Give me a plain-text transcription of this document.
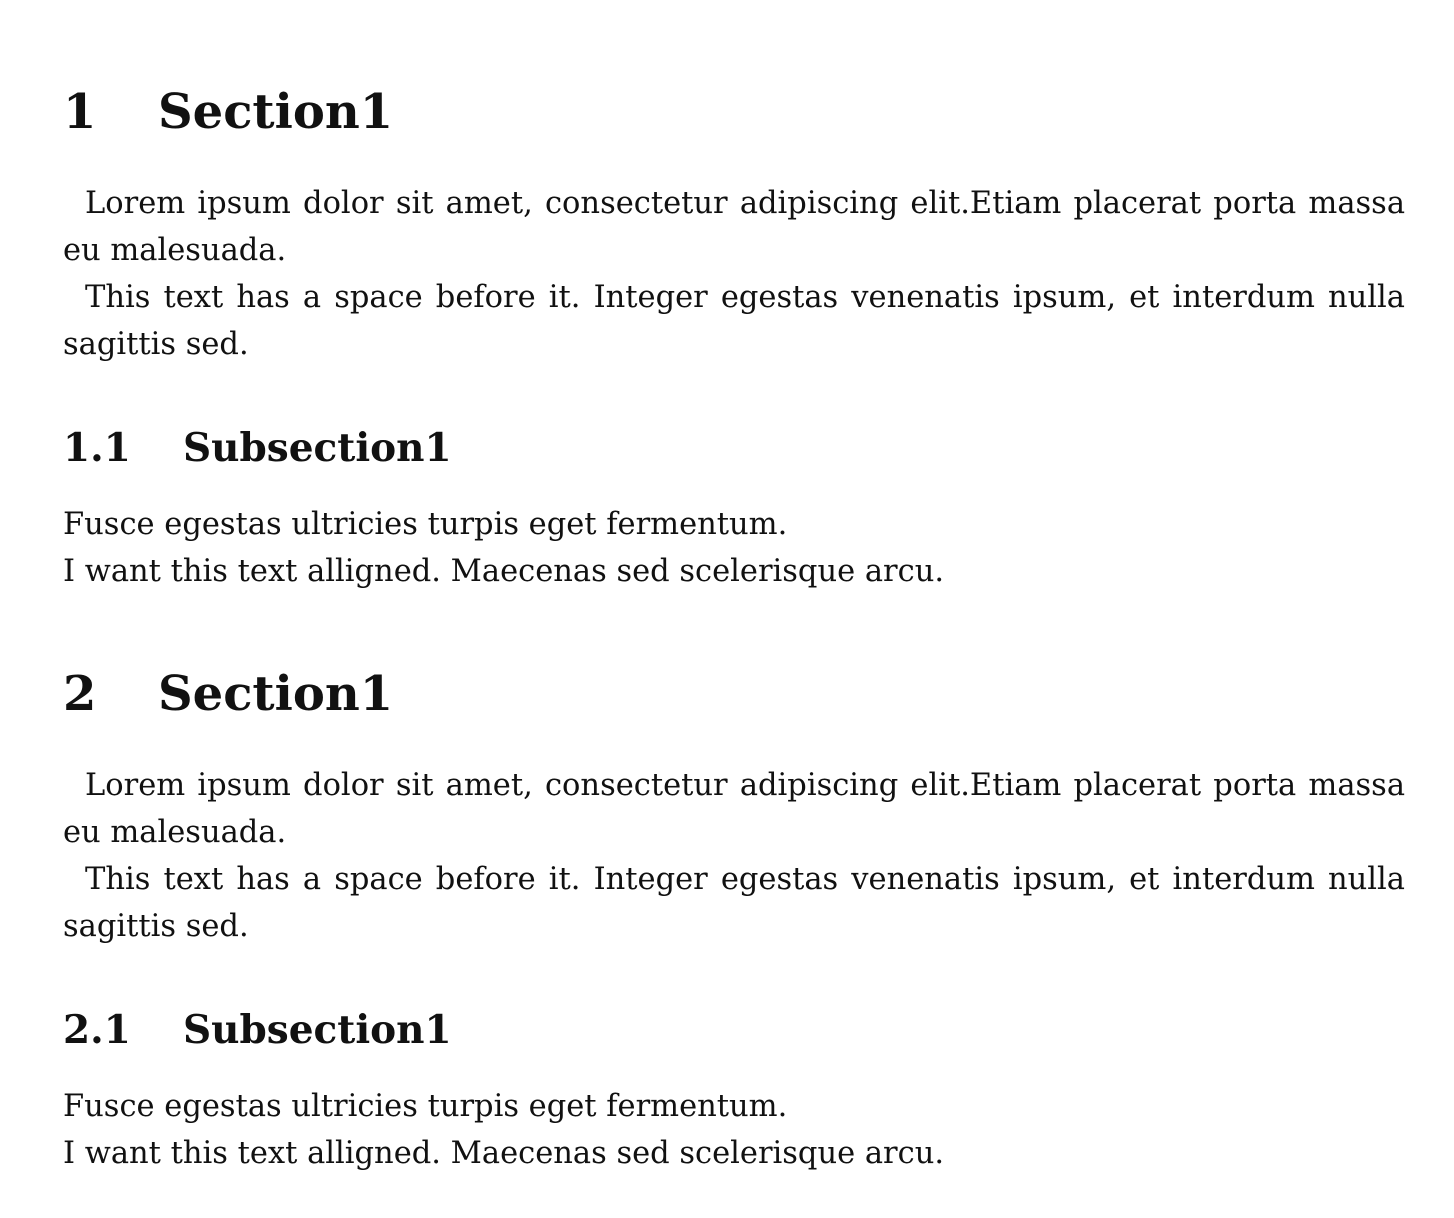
1	Section1

Lorem ipsum dolor sit amet, consectetur adipiscing elit.Etiam placerat porta massa eu malesuada.

This text has a space before it. Integer egestas venenatis ipsum, et interdum nulla sagittis sed.

1.1	Subsection1

Fusce egestas ultricies turpis eget fermentum.

I want this text alligned. Maecenas sed scelerisque arcu.

2	Section1

Lorem ipsum dolor sit amet, consectetur adipiscing elit.Etiam placerat porta massa eu malesuada.

This text has a space before it. Integer egestas venenatis ipsum, et interdum nulla sagittis sed.

2.1	Subsection1

Fusce egestas ultricies turpis eget fermentum.

I want this text alligned. Maecenas sed scelerisque arcu.
